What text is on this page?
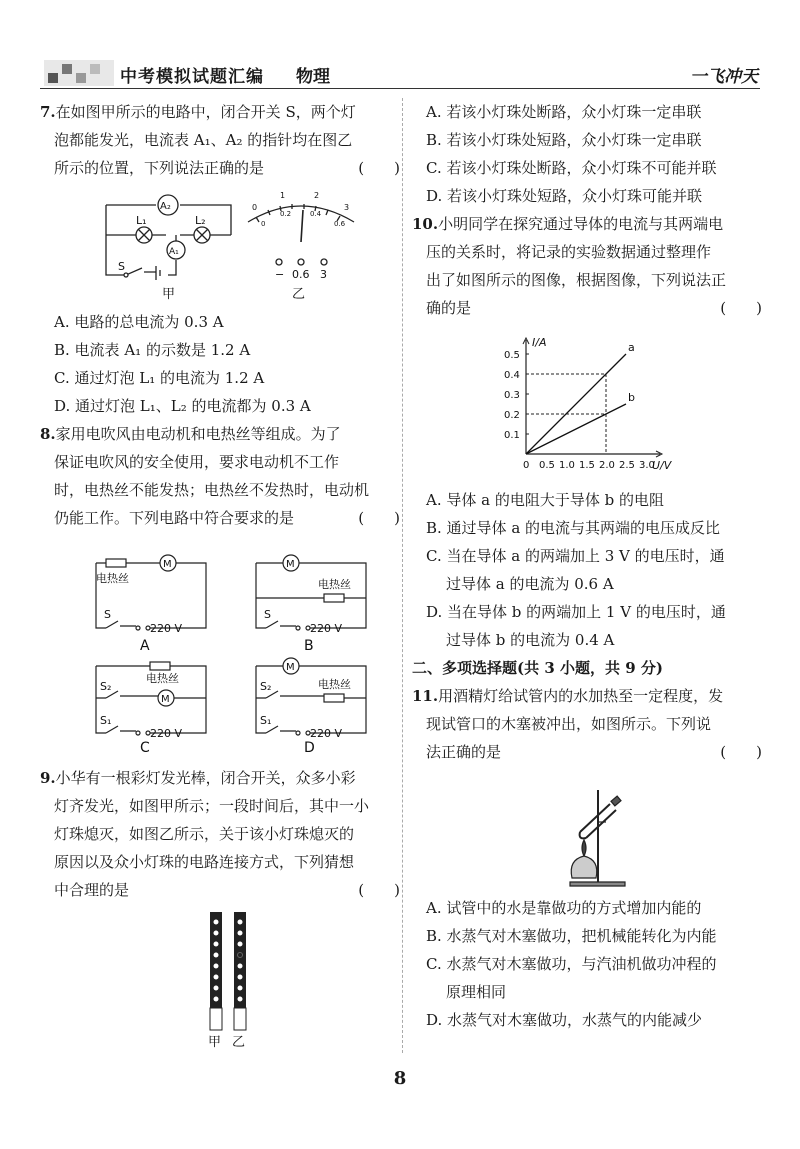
中考模拟试题汇编 物理	一飞冲天

7.在如图甲所示的电路中，闭合开关 S，两个灯

泡都能发光，电流表 A₁、A₂ 的指针均在图乙

所示的位置，下列说法正确的是	(　　)

A₂
A₁
L₁	L₂
S
甲
0
1	2
3
0
0.2	0.4
0.6
− 0.6 3
乙

A. 电路的总电流为 0.3 A

B. 电流表 A₁ 的示数是 1.2 A

C. 通过灯泡 L₁ 的电流为 1.2 A

D. 通过灯泡 L₁、L₂ 的电流都为 0.3 A

8.家用电吹风由电动机和电热丝等组成。为了

保证电吹风的安全使用，要求电动机不工作

时，电热丝不能发热；电热丝不发热时，电动机

仍能工作。下列电路中符合要求的是	(　　)

电热丝
M
S
220 V
A
M
电热丝
S
220 V
B
电热丝
S₂
M
S₁
220 V
C
M
S₂	电热丝
S₁
220 V
D

9.小华有一根彩灯发光棒，闭合开关，众多小彩

灯齐发光，如图甲所示；一段时间后，其中一小

灯珠熄灭，如图乙所示，关于该小灯珠熄灭的

原因以及众小灯珠的电路连接方式，下列猜想

中合理的是	(　　)

甲 乙

A. 若该小灯珠处断路，众小灯珠一定串联

B. 若该小灯珠处短路，众小灯珠一定串联

C. 若该小灯珠处断路，众小灯珠不可能并联

D. 若该小灯珠处短路，众小灯珠可能并联

10.小明同学在探究通过导体的电流与其两端电

压的关系时，将记录的实验数据通过整理作

出了如图所示的图像，根据图像，下列说法正

确的是	(　　)

I/A
U/V
0 0.5 1.0 1.5 2.0 2.5 3.0
0.1
0.2
0.3
0.4
0.5
a
b

A. 导体 a 的电阻大于导体 b 的电阻

B. 通过导体 a 的电流与其两端的电压成反比

C. 当在导体 a 的两端加上 3 V 的电压时，通

过导体 a 的电流为 0.6 A

D. 当在导体 b 的两端加上 1 V 的电压时，通

过导体 b 的电流为 0.4 A

二、多项选择题(共 3 小题，共 9 分)

11.用酒精灯给试管内的水加热至一定程度，发

现试管口的木塞被冲出，如图所示。下列说

法正确的是	(　　)

A. 试管中的水是靠做功的方式增加内能的

B. 水蒸气对木塞做功，把机械能转化为内能

C. 水蒸气对木塞做功，与汽油机做功冲程的

原理相同

D. 水蒸气对木塞做功，水蒸气的内能减少

8
